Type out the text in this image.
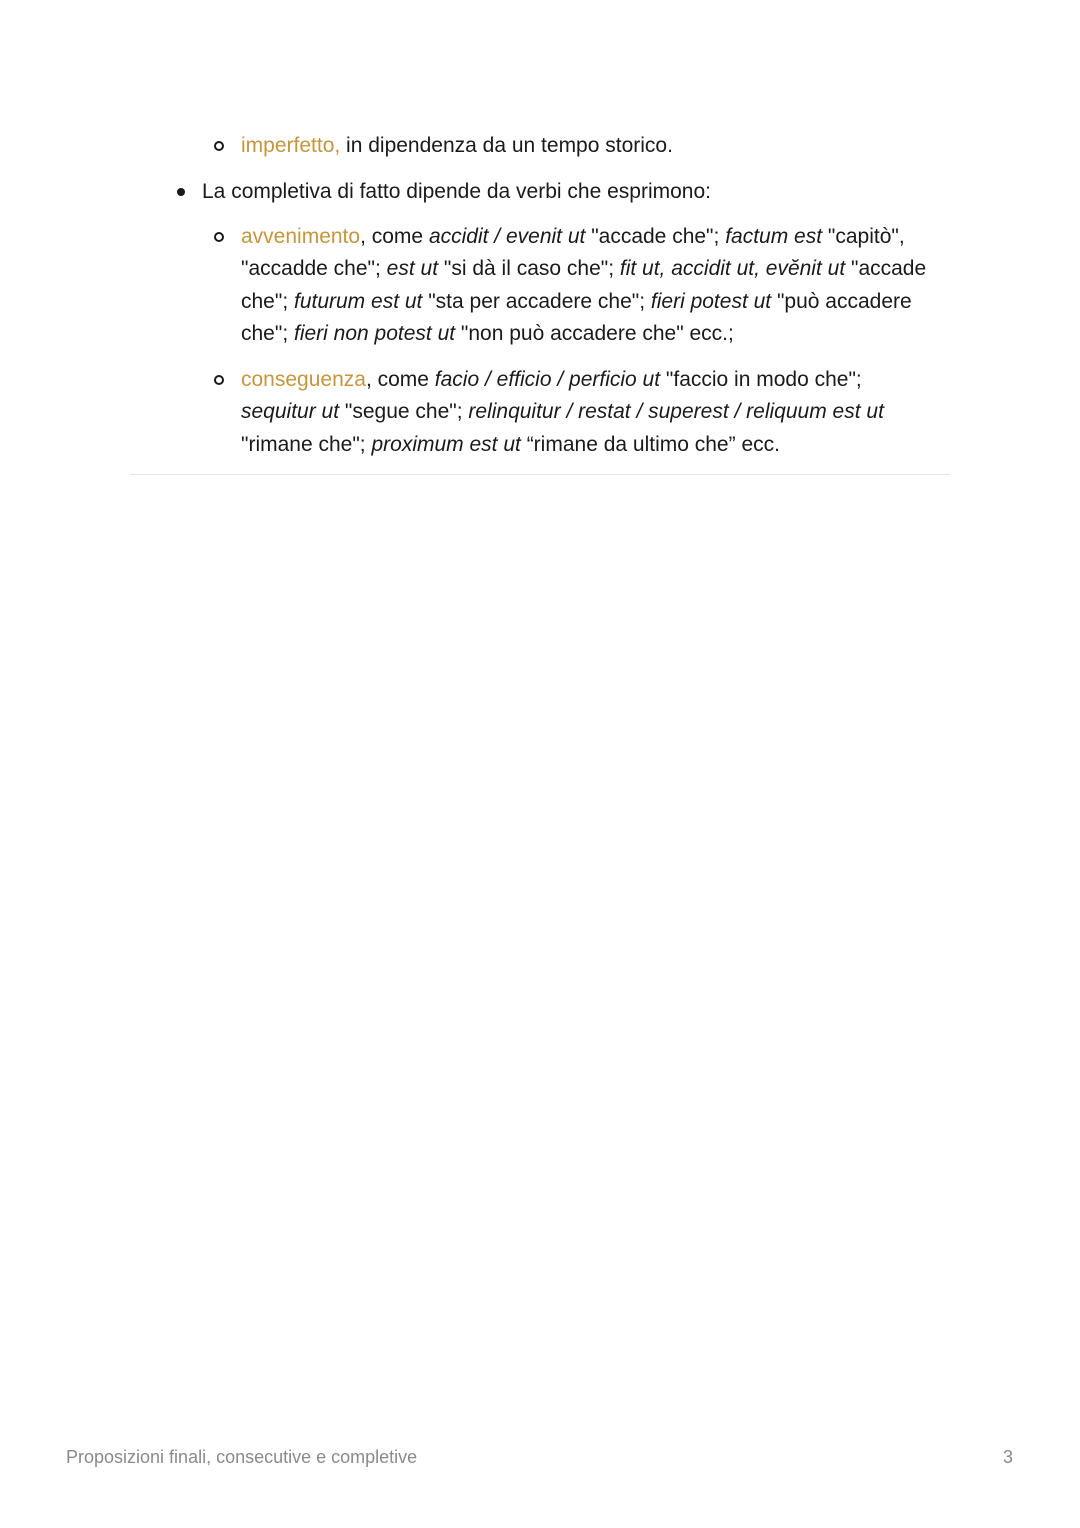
imperfetto, in dipendenza da un tempo storico.
La completiva di fatto dipende da verbi che esprimono:
avvenimento, come accidit / evenit ut "accade che"; factum est "capitò",
"accadde che"; est ut "si dà il caso che"; fit ut, accidit ut, evĕnit ut "accade
che"; futurum est ut "sta per accadere che"; fieri potest ut "può accadere
che"; fieri non potest ut "non può accadere che" ecc.;
conseguenza, come facio / efficio / perficio ut "faccio in modo che";
sequitur ut "segue che"; relinquitur / restat / superest / reliquum est ut
"rimane che"; proximum est ut “rimane da ultimo che” ecc.
Proposizioni finali, consecutive e completive	3
